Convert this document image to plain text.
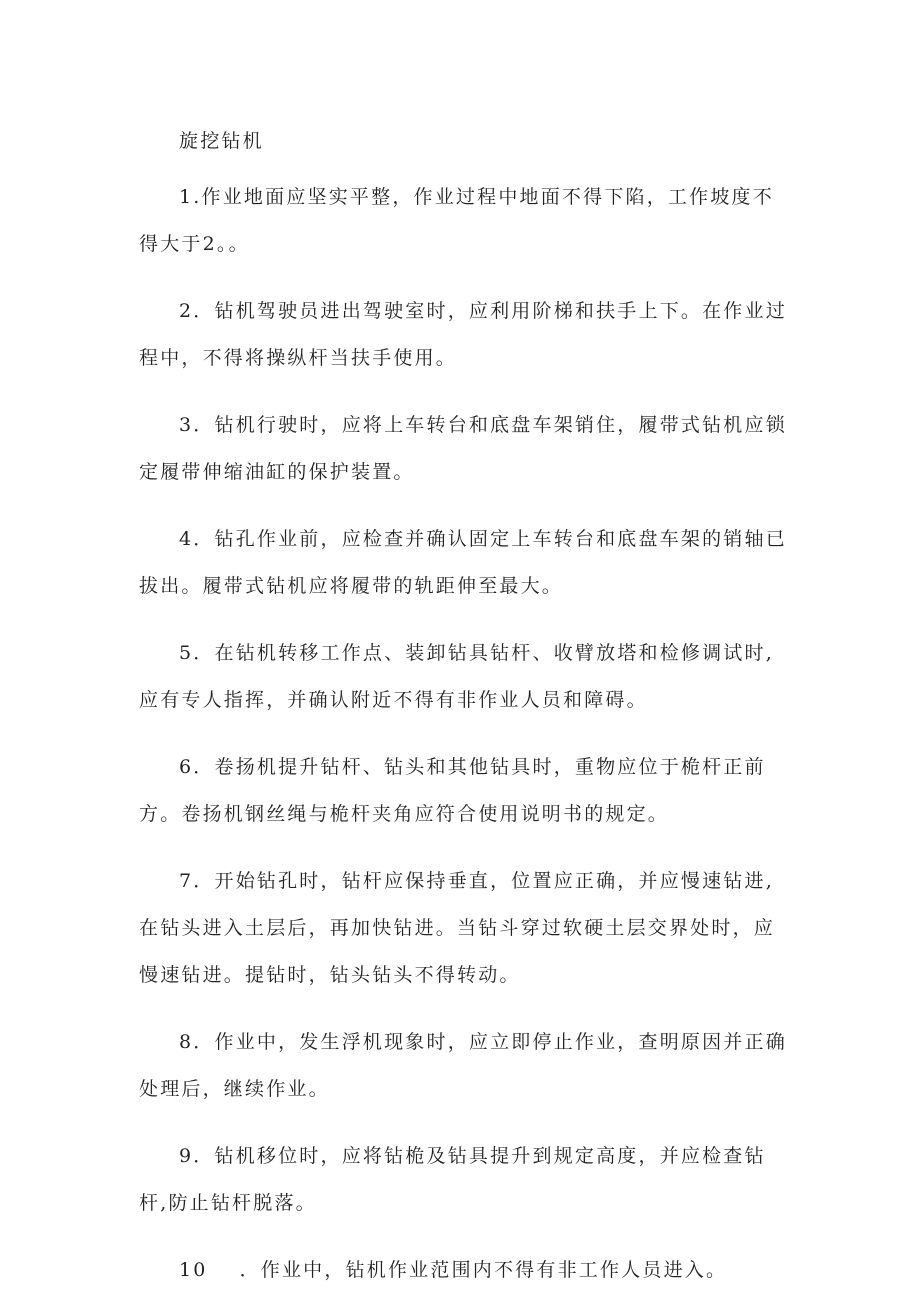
旋挖钻机

1.作业地面应坚实平整，作业过程中地面不得下陷，工作坡度不得大于2。。

2．钻机驾驶员进出驾驶室时，应利用阶梯和扶手上下。在作业过程中，不得将操纵杆当扶手使用。

3．钻机行驶时，应将上车转台和底盘车架销住，履带式钻机应锁定履带伸缩油缸的保护装置。

4．钻孔作业前，应检查并确认固定上车转台和底盘车架的销轴已拔出。履带式钻机应将履带的轨距伸至最大。

5．在钻机转移工作点、装卸钻具钻杆、收臂放塔和检修调试时,应有专人指挥，并确认附近不得有非作业人员和障碍。

6．卷扬机提升钻杆、钻头和其他钻具时，重物应位于桅杆正前方。卷扬机钢丝绳与桅杆夹角应符合使用说明书的规定。

7．开始钻孔时，钻杆应保持垂直，位置应正确，并应慢速钻进,在钻头进入土层后，再加快钻进。当钻斗穿过软硬土层交界处时，应慢速钻进。提钻时，钻头钻头不得转动。

8．作业中，发生浮机现象时，应立即停止作业，查明原因并正确处理后，继续作业。

9．钻机移位时，应将钻桅及钻具提升到规定高度，并应检查钻杆,防止钻杆脱落。

10 ．作业中，钻机作业范围内不得有非工作人员进入。
